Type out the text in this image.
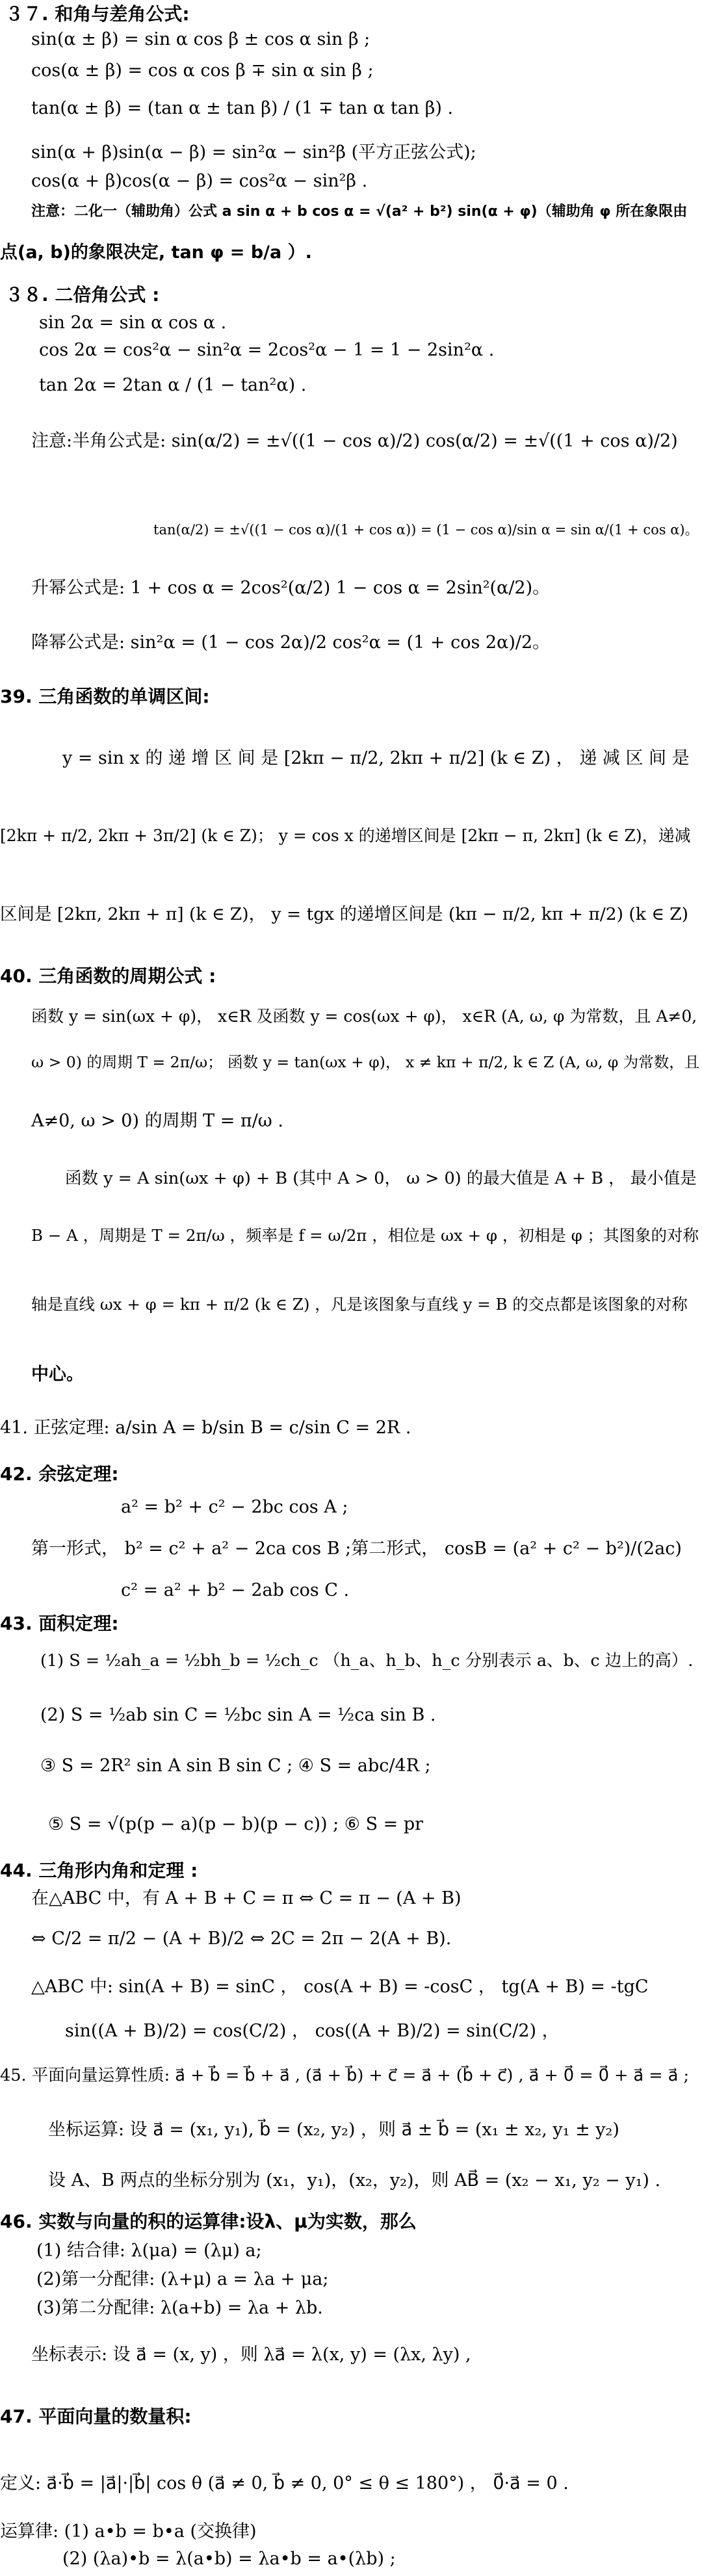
３７. 和角与差角公式:
sin(α ± β) = sin α cos β ± cos α sin β ;
cos(α ± β) = cos α cos β ∓ sin α sin β ;
tan(α ± β) = (tan α ± tan β) / (1 ∓ tan α tan β) .
sin(α + β)sin(α − β) = sin²α − sin²β (平方正弦公式);
cos(α + β)cos(α − β) = cos²α − sin²β .
注意：二化一（辅助角）公式 a sin α + b cos α = √(a² + b²) sin(α + φ)（辅助角 φ 所在象限由
点(a, b)的象限决定, tan φ = b/a ）.
３８. 二倍角公式 :
sin 2α = sin α cos α .
cos 2α = cos²α − sin²α = 2cos²α − 1 = 1 − 2sin²α .
tan 2α = 2tan α / (1 − tan²α) .
注意:半角公式是: sin(α/2) = ±√((1 − cos α)/2) cos(α/2) = ±√((1 + cos α)/2)
tan(α/2) = ±√((1 − cos α)/(1 + cos α)) = (1 − cos α)/sin α = sin α/(1 + cos α)。
升幂公式是: 1 + cos α = 2cos²(α/2) 1 − cos α = 2sin²(α/2)。
降幂公式是: sin²α = (1 − cos 2α)/2 cos²α = (1 + cos 2α)/2。
39. 三角函数的单调区间:
y = sin x 的 递 增 区 间 是 [2kπ − π/2, 2kπ + π/2] (k ∈ Z) ， 递 减 区 间 是
[2kπ + π/2, 2kπ + 3π/2] (k ∈ Z)； y = cos x 的递增区间是 [2kπ − π, 2kπ] (k ∈ Z)，递减
区间是 [2kπ, 2kπ + π] (k ∈ Z)， y = tgx 的递增区间是 (kπ − π/2, kπ + π/2) (k ∈ Z)
40. 三角函数的周期公式 :
函数 y = sin(ωx + φ)， x∈R 及函数 y = cos(ωx + φ)， x∈R (A, ω, φ 为常数，且 A≠0,
ω > 0) 的周期 T = 2π/ω； 函数 y = tan(ωx + φ)， x ≠ kπ + π/2, k ∈ Z (A, ω, φ 为常数，且
A≠0, ω > 0) 的周期 T = π/ω .
函数 y = A sin(ωx + φ) + B (其中 A > 0， ω > 0) 的最大值是 A + B ， 最小值是
B − A ，周期是 T = 2π/ω ，频率是 f = ω/2π ，相位是 ωx + φ ，初相是 φ ；其图象的对称
轴是直线 ωx + φ = kπ + π/2 (k ∈ Z) ，凡是该图象与直线 y = B 的交点都是该图象的对称
中心。
41. 正弦定理: a/sin A = b/sin B = c/sin C = 2R .
42. 余弦定理:
a² = b² + c² − 2bc cos A ;
第一形式， b² = c² + a² − 2ca cos B ;第二形式， cosB = (a² + c² − b²)/(2ac)
c² = a² + b² − 2ab cos C .
43. 面积定理:
(1) S = ½ah_a = ½bh_b = ½ch_c （h_a、h_b、h_c 分别表示 a、b、c 边上的高）.
(2) S = ½ab sin C = ½bc sin A = ½ca sin B .
③ S = 2R² sin A sin B sin C ; ④ S = abc/4R ;
⑤ S = √(p(p − a)(p − b)(p − c)) ; ⑥ S = pr
44. 三角形内角和定理 :
在△ABC 中，有 A + B + C = π ⇔ C = π − (A + B)
⇔ C/2 = π/2 − (A + B)/2 ⇔ 2C = 2π − 2(A + B).
△ABC 中: sin(A + B) = sinC ， cos(A + B) = -cosC ， tg(A + B) = -tgC
sin((A + B)/2) = cos(C/2) ， cos((A + B)/2) = sin(C/2) ，
45. 平面向量运算性质: a⃗ + b⃗ = b⃗ + a⃗ , (a⃗ + b⃗) + c⃗ = a⃗ + (b⃗ + c⃗) , a⃗ + 0⃗ = 0⃗ + a⃗ = a⃗ ;
坐标运算: 设 a⃗ = (x₁, y₁), b⃗ = (x₂, y₂) ，则 a⃗ ± b⃗ = (x₁ ± x₂, y₁ ± y₂)
设 A、B 两点的坐标分别为 (x₁，y₁)，(x₂，y₂)，则 AB⃗ = (x₂ − x₁, y₂ − y₁) .
46. 实数与向量的积的运算律:设λ、μ为实数，那么
(1) 结合律: λ(μa) = (λμ) a;
(2)第一分配律: (λ+μ) a = λa + μa;
(3)第二分配律: λ(a+b) = λa + λb.
坐标表示: 设 a⃗ = (x, y) ，则 λa⃗ = λ(x, y) = (λx, λy) ,
47. 平面向量的数量积:
定义: a⃗·b⃗ = |a⃗|·|b⃗| cos θ (a⃗ ≠ 0, b⃗ ≠ 0, 0° ≤ θ ≤ 180°) ， 0⃗·a⃗ = 0 .
运算律: (1) a•b = b•a (交换律)
(2) (λa)•b = λ(a•b) = λa•b = a•(λb) ;
